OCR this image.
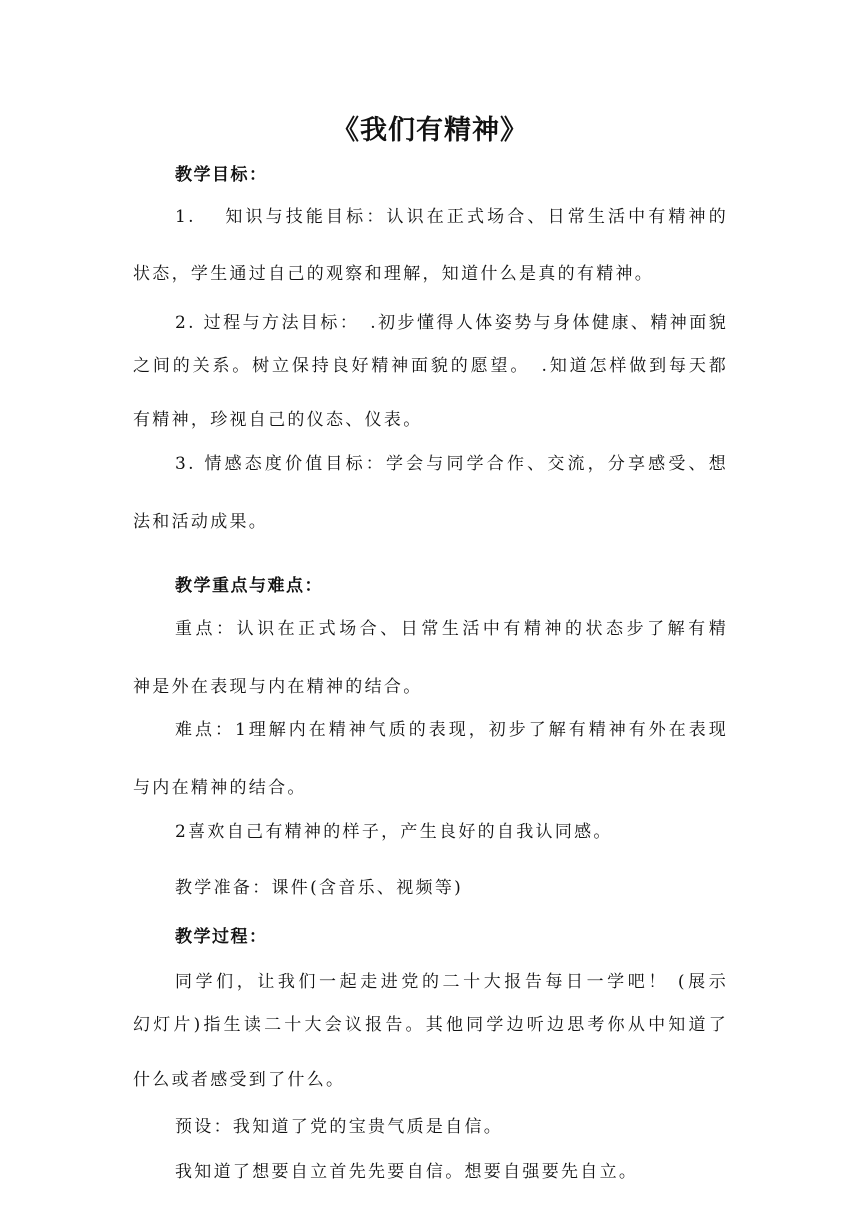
《我们有精神》
教学目标：
1.　 知识与技能目标：认识在正式场合、日常生活中有精神的
状态，学生通过自己的观察和理解，知道什么是真的有精神。
2. 过程与方法目标：　.初步懂得人体姿势与身体健康、精神面貌
之间的关系。树立保持良好精神面貌的愿望。　.知道怎样做到每天都
有精神，珍视自己的仪态、仪表。
3. 情感态度价值目标：学会与同学合作、交流，分享感受、想
法和活动成果。
教学重点与难点：
重点：认识在正式场合、日常生活中有精神的状态步了解有精
神是外在表现与内在精神的结合。
难点：1理解内在精神气质的表现，初步了解有精神有外在表现
与内在精神的结合。
2喜欢自己有精神的样子，产生良好的自我认同感。
教学准备：课件(含音乐、视频等)
教学过程：
同学们，让我们一起走进党的二十大报告每日一学吧！ (展示
幻灯片)指生读二十大会议报告。其他同学边听边思考你从中知道了
什么或者感受到了什么。
预设：我知道了党的宝贵气质是自信。
我知道了想要自立首先先要自信。想要自强要先自立。
